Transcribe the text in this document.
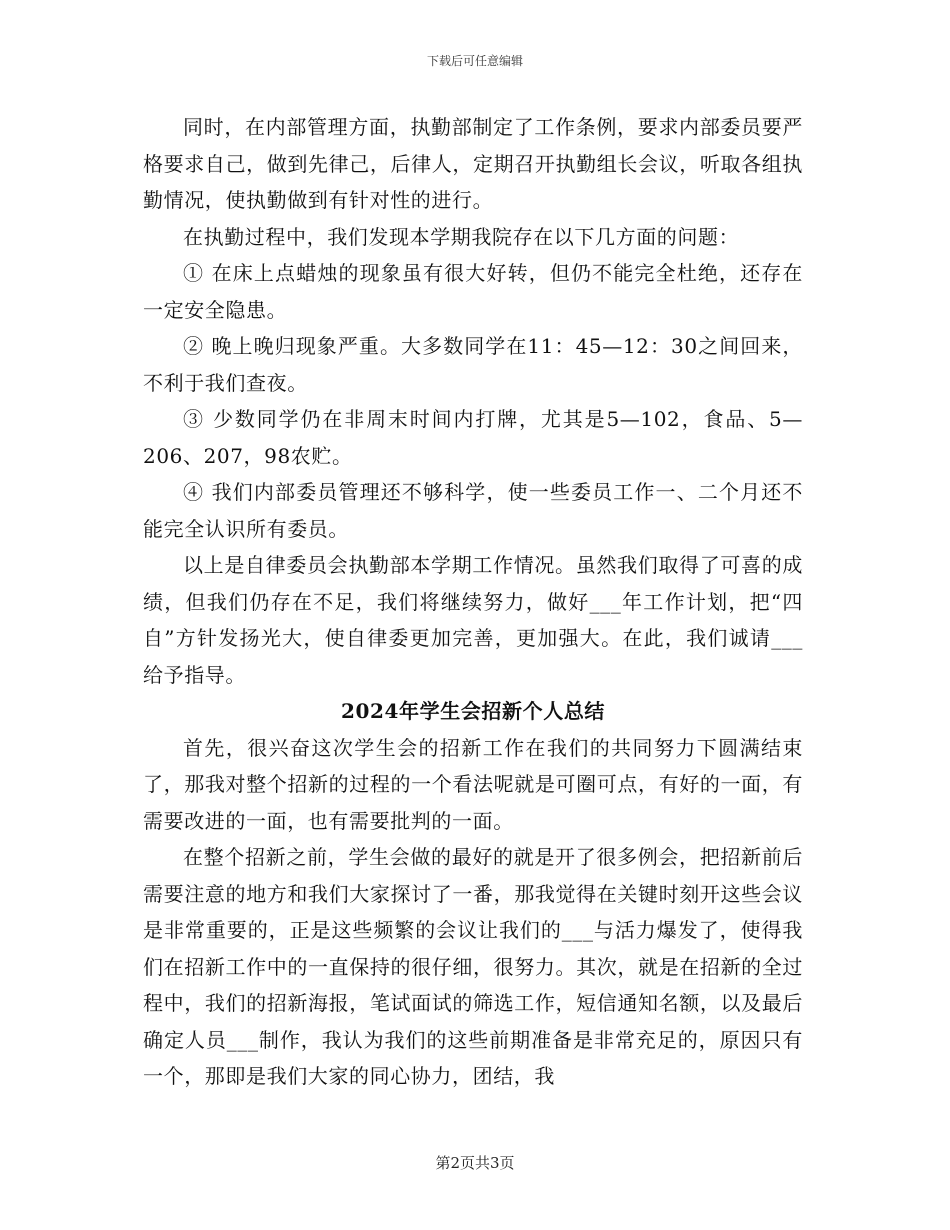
下载后可任意编辑

同时，在内部管理方面，执勤部制定了工作条例，要求内部委员要严格要求自己，做到先律己，后律人，定期召开执勤组长会议，听取各组执勤情况，使执勤做到有针对性的进行。

在执勤过程中，我们发现本学期我院存在以下几方面的问题：

① 在床上点蜡烛的现象虽有很大好转，但仍不能完全杜绝，还存在一定安全隐患。

② 晚上晚归现象严重。大多数同学在11：45—12：30之间回来，不利于我们查夜。

③ 少数同学仍在非周末时间内打牌，尤其是5—102，食品、5—206、207，98农贮。

④ 我们内部委员管理还不够科学，使一些委员工作一、二个月还不能完全认识所有委员。

以上是自律委员会执勤部本学期工作情况。虽然我们取得了可喜的成绩，但我们仍存在不足，我们将继续努力，做好___年工作计划，把“四自”方针发扬光大，使自律委更加完善，更加强大。在此，我们诚请___给予指导。

2024年学生会招新个人总结

首先，很兴奋这次学生会的招新工作在我们的共同努力下圆满结束了，那我对整个招新的过程的一个看法呢就是可圈可点，有好的一面，有需要改进的一面，也有需要批判的一面。

在整个招新之前，学生会做的最好的就是开了很多例会，把招新前后需要注意的地方和我们大家探讨了一番，那我觉得在关键时刻开这些会议是非常重要的，正是这些频繁的会议让我们的___与活力爆发了，使得我们在招新工作中的一直保持的很仔细，很努力。其次，就是在招新的全过程中，我们的招新海报，笔试面试的筛选工作，短信通知名额，以及最后确定人员___制作，我认为我们的这些前期准备是非常充足的，原因只有一个，那即是我们大家的同心协力，团结，我

第2页共3页
